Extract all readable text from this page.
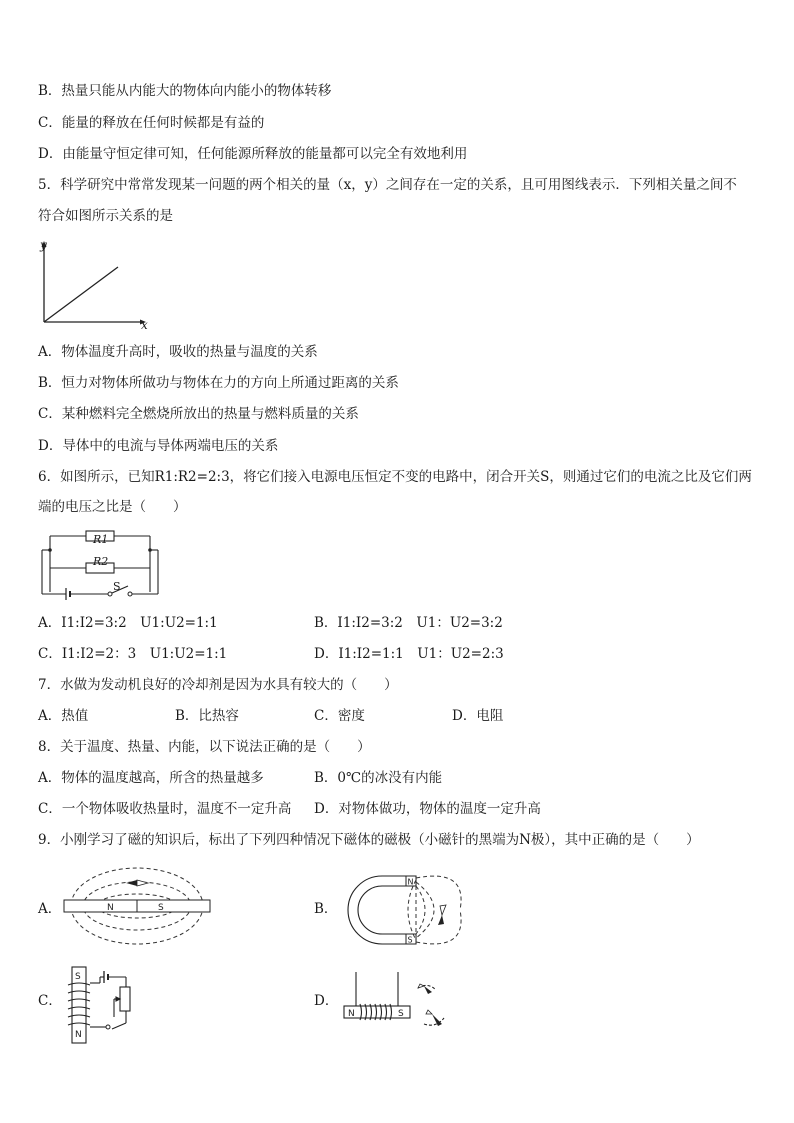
B．热量只能从内能大的物体向内能小的物体转移
C．能量的释放在任何时候都是有益的
D．由能量守恒定律可知，任何能源所释放的能量都可以完全有效地利用
5．科学研究中常常发现某一问题的两个相关的量（x，y）之间存在一定的关系，且可用图线表示．下列相关量之间不
符合如图所示关系的是
y
x
A．物体温度升高时，吸收的热量与温度的关系
B．恒力对物体所做功与物体在力的方向上所通过距离的关系
C．某种燃料完全燃烧所放出的热量与燃料质量的关系
D．导体中的电流与导体两端电压的关系
6．如图所示，已知R1:R2=2:3，将它们接入电源电压恒定不变的电路中，闭合开关S，则通过它们的电流之比及它们两
端的电压之比是（　　）
R1
R2
S
A．I1:I2=3:2　U1:U2=1:1	B．I1:I2=3:2　U1：U2=3:2
C．I1:I2=2：3　U1:U2=1:1	D．I1:I2=1:1　U1：U2=2:3
7．水做为发动机良好的冷却剂是因为水具有较大的（　　）
A．热值	B．比热容	C．密度	D．电阻
8．关于温度、热量、内能，以下说法正确的是（　　）
A．物体的温度越高，所含的热量越多	B．0℃的冰没有内能
C．一个物体吸收热量时，温度不一定升高 D．对物体做功，物体的温度一定升高
9．小刚学习了磁的知识后，标出了下列四种情况下磁体的磁极（小磁针的黑端为N极），其中正确的是（　　）
A．	N	S	B．
N
S
C．
S
N
D．
N	S
